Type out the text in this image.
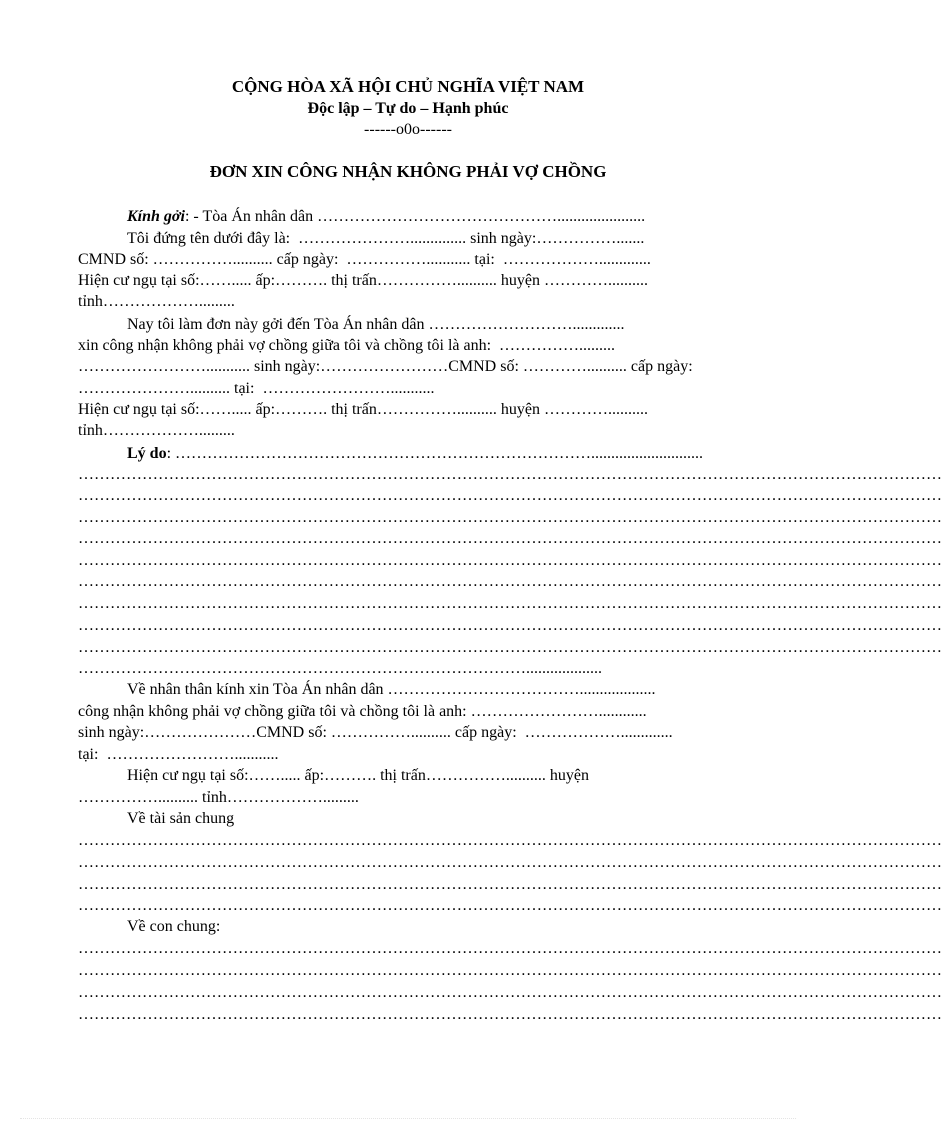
CỘNG HÒA XÃ HỘI CHỦ NGHĨA VIỆT NAM

Độc lập – Tự do – Hạnh phúc

------o0o------

ĐƠN XIN CÔNG NHẬN KHÔNG PHẢI VỢ CHỒNG

Kính gởi: - Tòa Án nhân dân ………………………………………......................

Tôi đứng tên dưới đây là:  ………………….............. sinh ngày:…………….......

CMND số: …………….......... cấp ngày:  ……………........... tại:  ……………….............

Hiện cư ngụ tại số:……..... ấp:………. thị trấn…………….......... huyện …………..........

tỉnh……………….........

Nay tôi làm đơn này gởi đến Tòa Án nhân dân ……………………….............

xin công nhận không phải vợ chồng giữa tôi và chồng tôi là anh:  …………….........

……………………........... sinh ngày:……………………CMND số: ………….......... cấp ngày:

………………….......... tại:  ……………………...........

Hiện cư ngụ tại số:……..... ấp:………. thị trấn…………….......... huyện …………..........

tỉnh……………….........

Lý do: ……………………………………………………………………............................

………………………………………………………………………………………………………………………………………………
………………………………………………………………………………………………………………………………………………
………………………………………………………………………………………………………………………………………………
………………………………………………………………………………………………………………………………………………
………………………………………………………………………………………………………………………………………………
………………………………………………………………………………………………………………………………………………
………………………………………………………………………………………………………………………………………………
………………………………………………………………………………………………………………………………………………
………………………………………………………………………………………………………………………………………………
…………………………………………………………………………...................

Về nhân thân kính xin Tòa Án nhân dân ………………………………...................

công nhận không phải vợ chồng giữa tôi và chồng tôi là anh: ……………………............

sinh ngày:…………………CMND số: …………….......... cấp ngày:  ……………….............

tại:  ……………………...........

Hiện cư ngụ tại số:……..... ấp:………. thị trấn…………….......... huyện

…………….......... tỉnh……………….........

Về tài sản chung

………………………………………………………………………………………………………………………………………………
………………………………………………………………………………………………………………………………………………
………………………………………………………………………………………………………………………………………………
………………………………………………………………………………………………………………………………………………

Về con chung:

………………………………………………………………………………………………………………………………………………
………………………………………………………………………………………………………………………………………………
………………………………………………………………………………………………………………………………………………
………………………………………………………………………………………………………………………………………………
